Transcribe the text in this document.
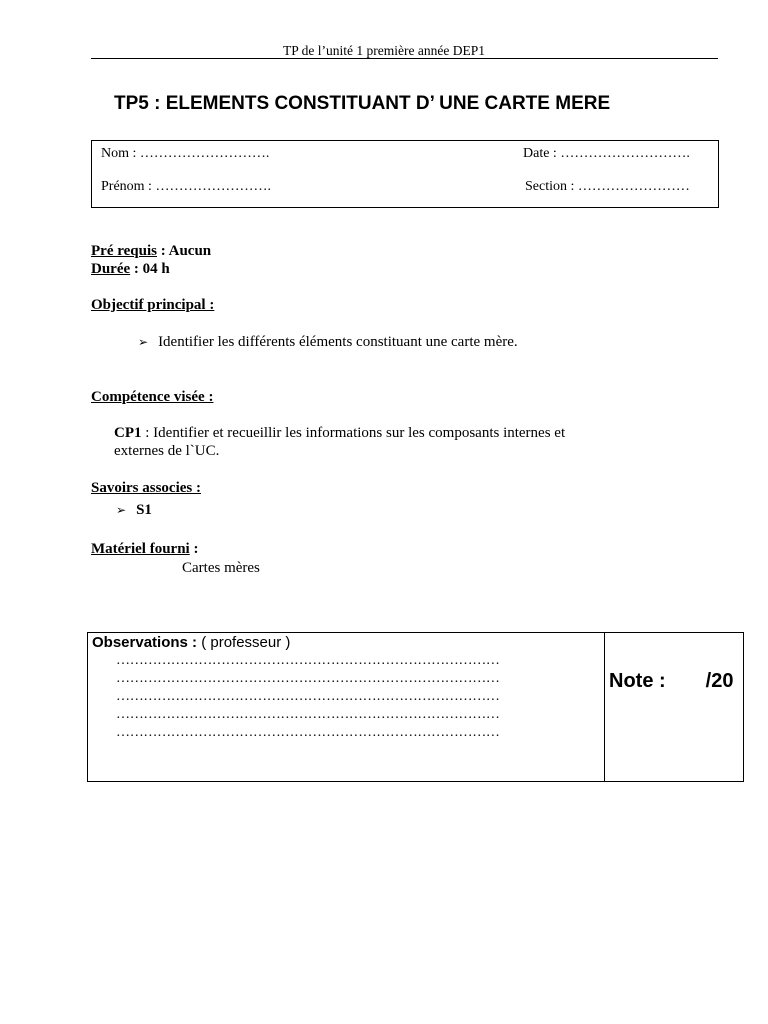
TP de l’unité 1 première année DEP1
TP5 : ELEMENTS CONSTITUANT D’ UNE CARTE MERE
Nom : ……………………….	Date : ……………………….
Prénom : …………………….	Section : ……………………
Pré requis : Aucun
Durée : 04 h
Objectif principal :
➢ Identifier les différents éléments constituant une carte mère.
Compétence visée :
CP1 : Identifier et recueillir les informations sur les composants internes et
externes de l`UC.
Savoirs associes :
➢ S1
Matériel fourni :
Cartes mères
Observations : ( professeur )
…………………………………………………………………………
…………………………………………………………………………
…………………………………………………………………………
…………………………………………………………………………
…………………………………………………………………………
Note : /20
